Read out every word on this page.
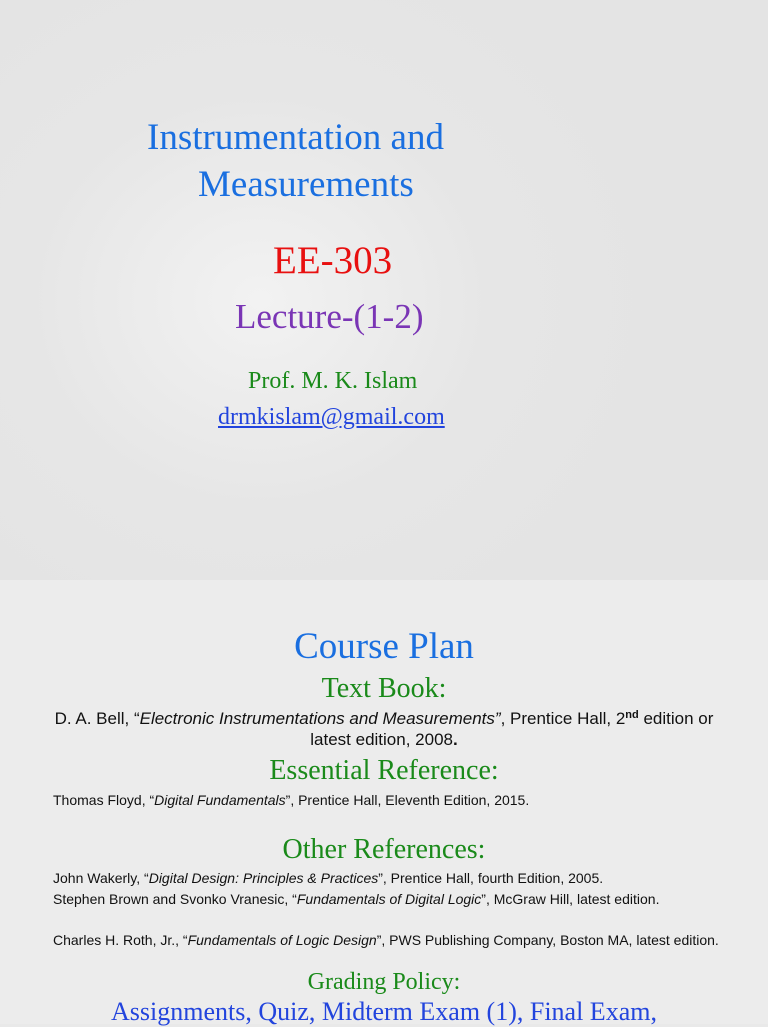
Instrumentation and

Measurements

EE-303

Lecture-(1-2)

Prof. M. K. Islam

drmkislam@gmail.com

Course Plan

Text Book:

D. A. Bell, “Electronic Instrumentations and Measurements”, Prentice Hall, 2nd edition or latest edition, 2008.

Essential Reference:

Thomas Floyd, “Digital Fundamentals”, Prentice Hall, Eleventh Edition, 2015.

Other References:

John Wakerly, “Digital Design: Principles & Practices”, Prentice Hall, fourth Edition, 2005.

Stephen Brown and Svonko Vranesic, “Fundamentals of Digital Logic”, McGraw Hill, latest edition.

Charles H. Roth, Jr., “Fundamentals of Logic Design”, PWS Publishing Company, Boston MA, latest edition.

Grading Policy:

Assignments, Quiz, Midterm Exam (1), Final Exam,
